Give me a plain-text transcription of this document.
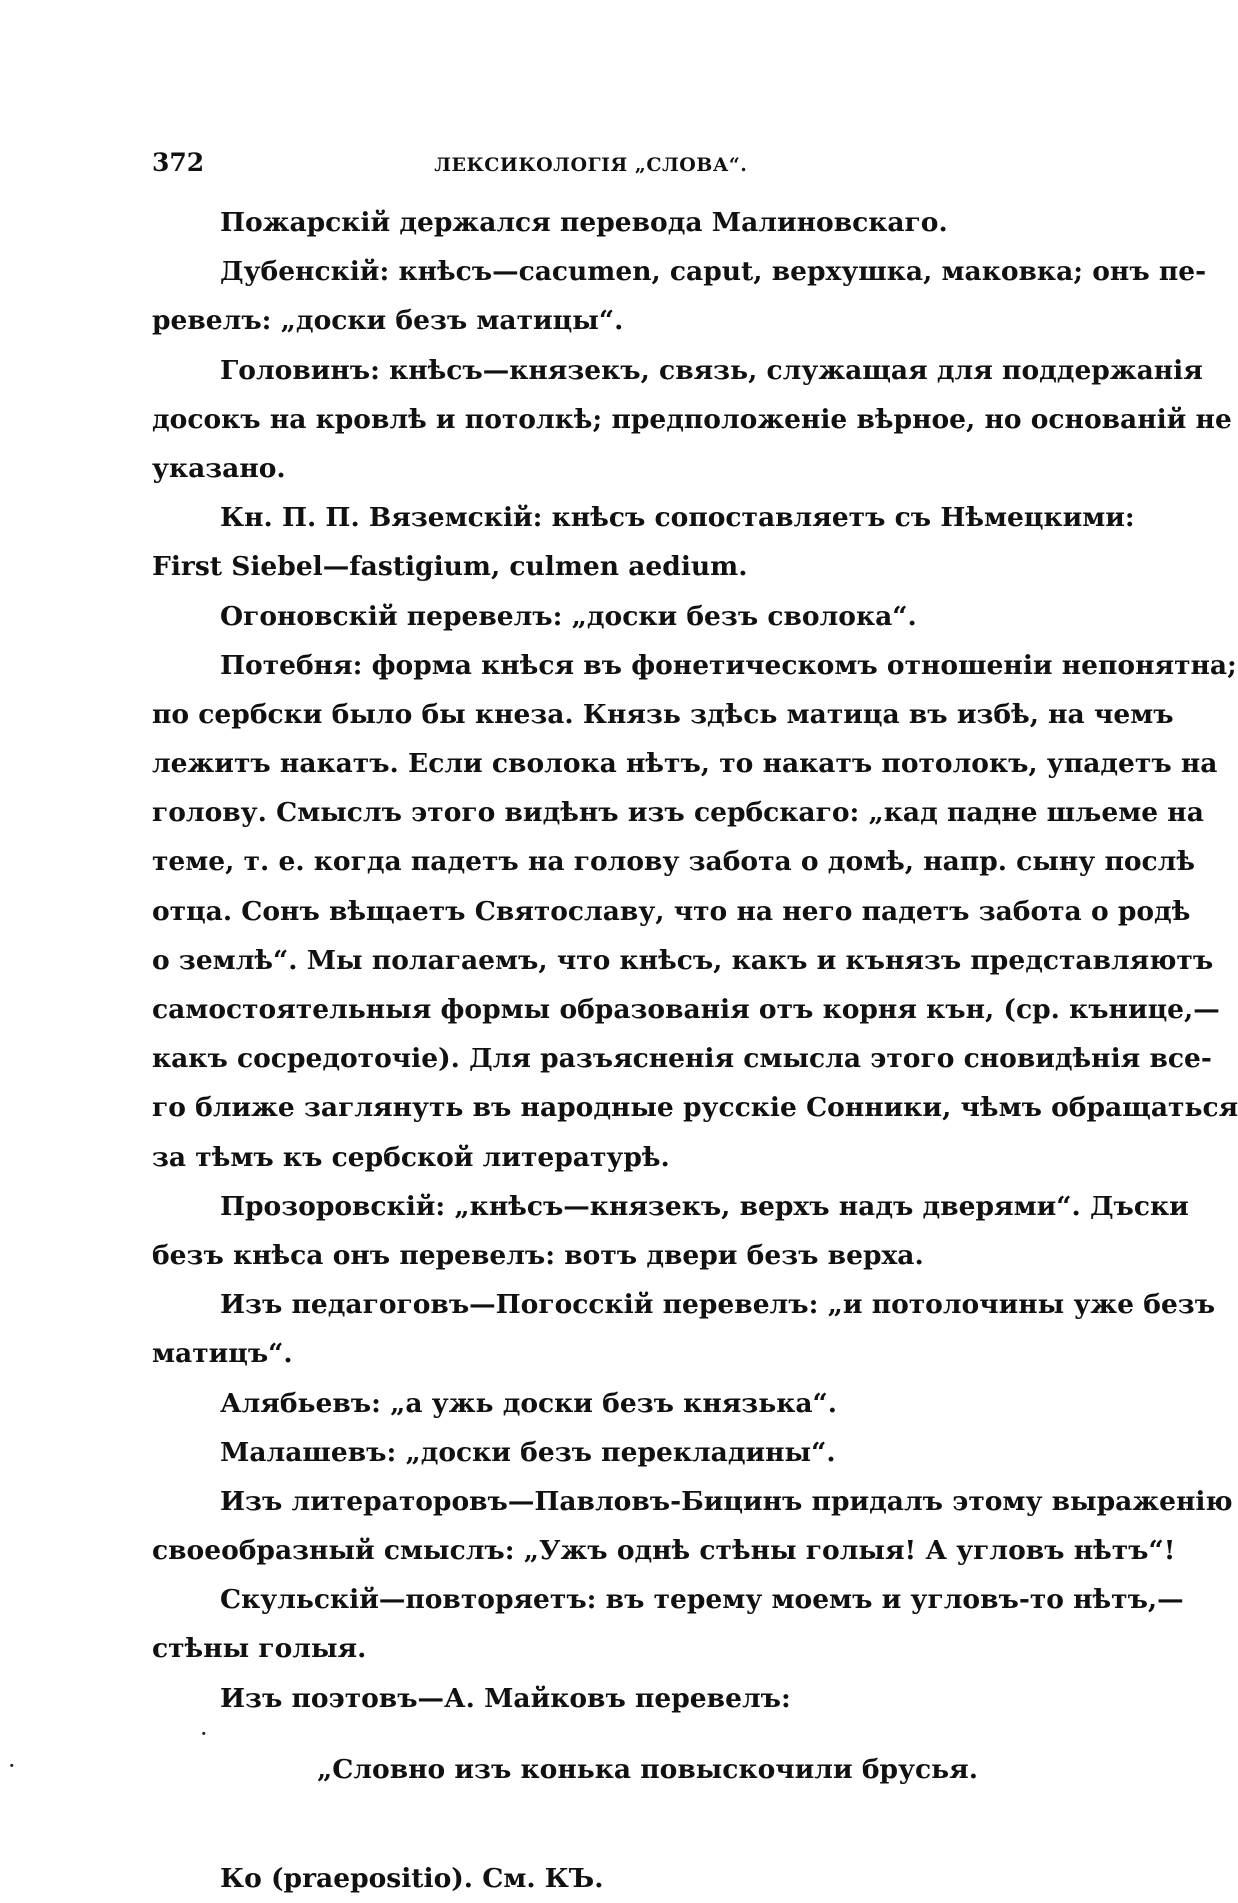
372	ЛЕКСИКОЛОГІЯ „СЛОВА“.
Пожарскій держался перевода Малиновскаго.
Дубенскій: кнѣсъ—cacumen, caput, верхушка, маковка; онъ пе-
ревелъ: „доски безъ матицы“.
Головинъ: кнѣсъ—князекъ, связь, служащая для поддержанія
досокъ на кровлѣ и потолкѣ; предположеніе вѣрное, но основаній не
указано.
Кн. П. П. Вяземскій: кнѣсъ сопоставляетъ съ Нѣмецкими:
First Siebel—fastigium, culmen aedium.
Огоновскій перевелъ: „доски безъ сволока“.
Потебня: форма кнѣся въ фонетическомъ отношеніи непонятна;
по сербски было бы кнеза. Князь здѣсь матица въ избѣ, на чемъ
лежитъ накатъ. Если сволока нѣтъ, то накатъ потолокъ, упадетъ на
голову. Смыслъ этого видѣнъ изъ сербскаго: „кад падне шљеме на
теме, т. е. когда падетъ на голову забота о домѣ, напр. сыну послѣ
отца. Сонъ вѣщаетъ Святославу, что на него падетъ забота о родѣ
о землѣ“. Мы полагаемъ, что кнѣсъ, какъ и кънязъ представляютъ
самостоятельныя формы образованія отъ корня кън, (ср. кънице,—
какъ сосредоточіе). Для разъясненія смысла этого сновидѣнія все-
го ближе заглянуть въ народные русскіе Сонники, чѣмъ обращаться
за тѣмъ къ сербской литературѣ.
Прозоровскій: „кнѣсъ—князекъ, верхъ надъ дверями“. Дъски
безъ кнѣса онъ перевелъ: вотъ двери безъ верха.
Изъ педагоговъ—Погосскій перевелъ: „и потолочины уже безъ
матицъ“.
Алябьевъ: „а ужь доски безъ князька“.
Малашевъ: „доски безъ перекладины“.
Изъ литераторовъ—Павловъ-Бицинъ придалъ этому выраженію
своеобразный смыслъ: „Ужъ однѣ стѣны голыя! А угловъ нѣтъ“!
Скульскій—повторяетъ: въ терему моемъ и угловъ-то нѣтъ,—
стѣны голыя.
Изъ поэтовъ—А. Майковъ перевелъ:
„Словно изъ конька повыскочили брусья.
Ко (praepositio). См. КЪ.
·
·
